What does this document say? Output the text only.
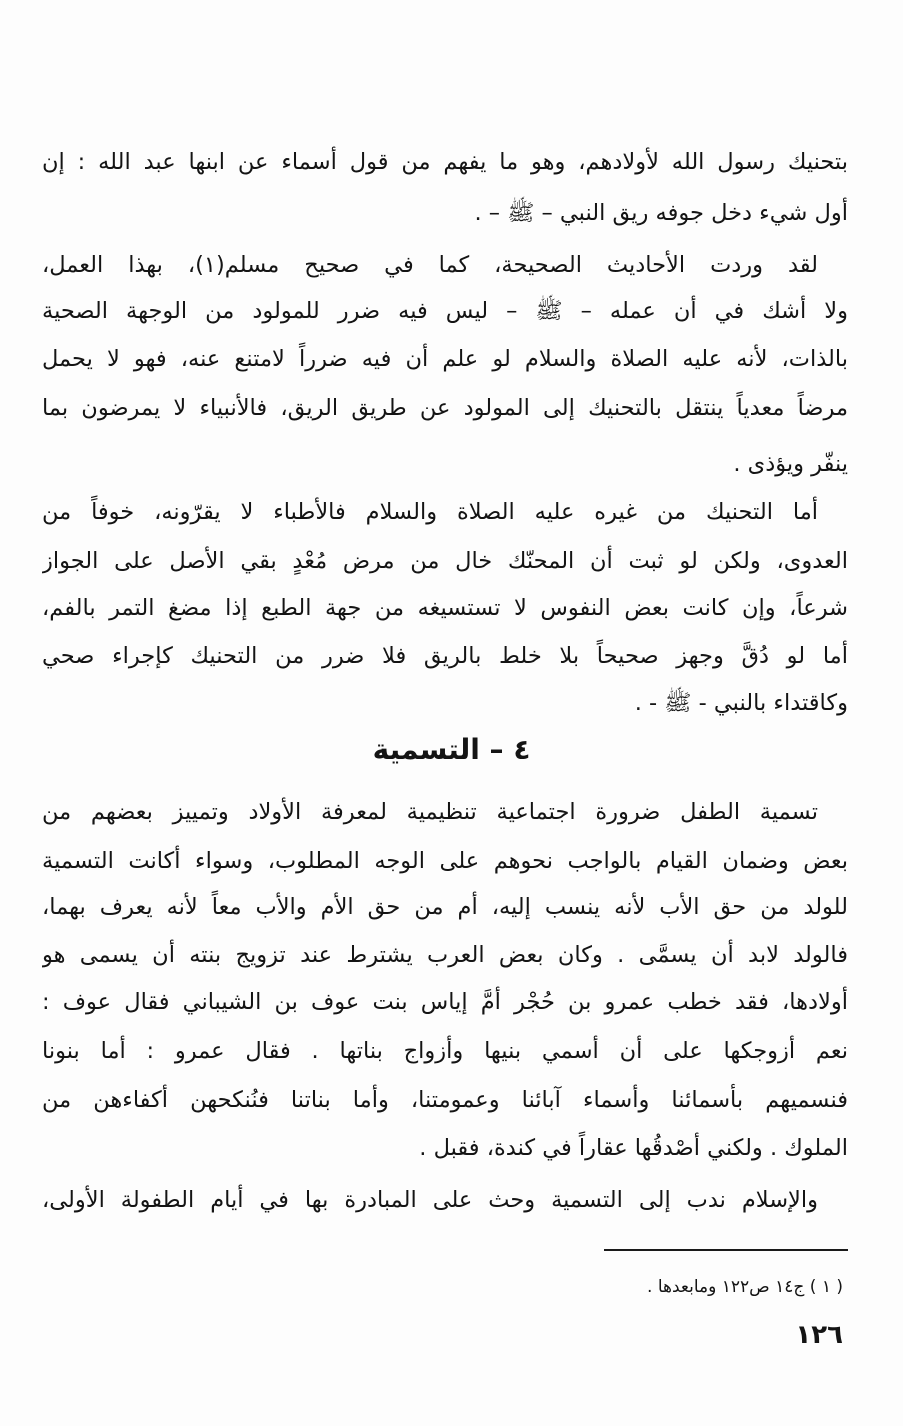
بتحنيك رسول الله لأولادهم، وهو ما يفهم من قول أسماء عن ابنها عبد الله : إن
أول شيء دخل جوفه ريق النبي – ﷺ – .
لقد وردت الأحاديث الصحيحة، كما في صحيح مسلم(١)، بهذا العمل،
ولا أشك في أن عمله – ﷺ – ليس فيه ضرر للمولود من الوجهة الصحية
بالذات، لأنه عليه الصلاة والسلام لو علم أن فيه ضرراً لامتنع عنه، فهو لا يحمل
مرضاً معدياً ينتقل بالتحنيك إلى المولود عن طريق الريق، فالأنبياء لا يمرضون بما
ينفّر ويؤذى .
أما التحنيك من غيره عليه الصلاة والسلام فالأطباء لا يقرّونه، خوفاً من
العدوى، ولكن لو ثبت أن المحنّك خال من مرض مُعْدٍ بقي الأصل على الجواز
شرعاً، وإن كانت بعض النفوس لا تستسيغه من جهة الطبع إذا مضغ التمر بالفم،
أما لو دُقَّ وجهز صحيحاً بلا خلط بالريق فلا ضرر من التحنيك كإجراء صحي
وكاقتداء بالنبي - ﷺ - .
٤ – التسمية
تسمية الطفل ضرورة اجتماعية تنظيمية لمعرفة الأولاد وتمييز بعضهم من
بعض وضمان القيام بالواجب نحوهم على الوجه المطلوب، وسواء أكانت التسمية
للولد من حق الأب لأنه ينسب إليه، أم من حق الأم والأب معاً لأنه يعرف بهما،
فالولد لابد أن يسمَّى . وكان بعض العرب يشترط عند تزويج بنته أن يسمى هو
أولادها، فقد خطب عمرو بن حُجْر أمَّ إياس بنت عوف بن الشيباني فقال عوف :
نعم أزوجكها على أن أسمي بنيها وأزواج بناتها . فقال عمرو : أما بنونا
فنسميهم بأسمائنا وأسماء آبائنا وعمومتنا، وأما بناتنا فنُنكحهن أكفاءهن من
الملوك . ولكني أصْدقُها عقاراً في كندة، فقبل .
والإسلام ندب إلى التسمية وحث على المبادرة بها في أيام الطفولة الأولى،
( ١ ) ج١٤ ص١٢٢ ومابعدها .
١٢٦
